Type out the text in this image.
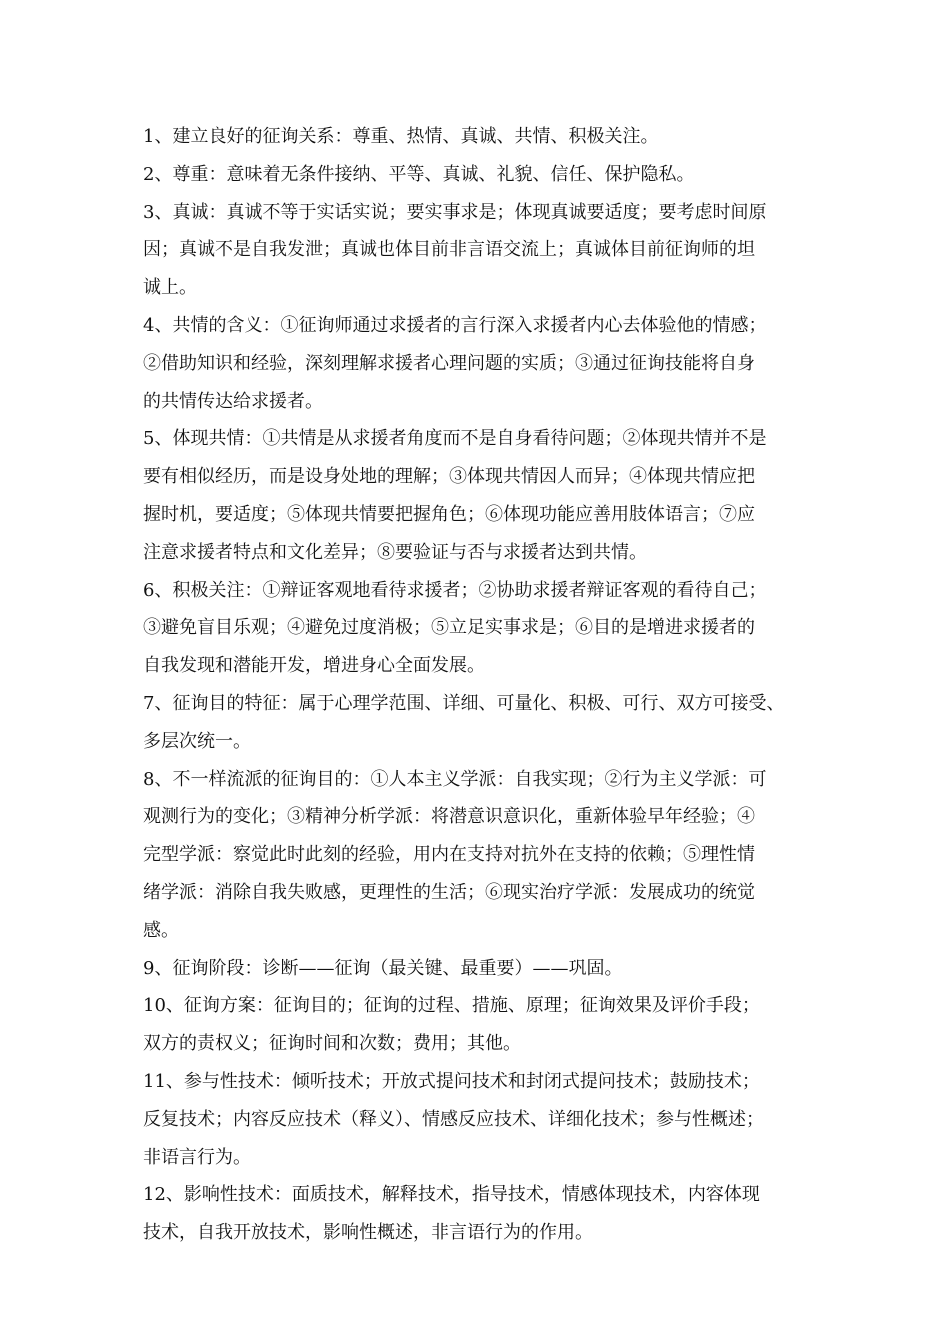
1、建立良好的征询关系：尊重、热情、真诚、共情、积极关注。
2、尊重：意味着无条件接纳、平等、真诚、礼貌、信任、保护隐私。
3、真诚：真诚不等于实话实说；要实事求是；体现真诚要适度；要考虑时间原
因；真诚不是自我发泄；真诚也体目前非言语交流上；真诚体目前征询师的坦
诚上。
4、共情的含义：①征询师通过求援者的言行深入求援者内心去体验他的情感；
②借助知识和经验，深刻理解求援者心理问题的实质；③通过征询技能将自身
的共情传达给求援者。
5、体现共情：①共情是从求援者角度而不是自身看待问题；②体现共情并不是
要有相似经历，而是设身处地的理解；③体现共情因人而异；④体现共情应把
握时机，要适度；⑤体现共情要把握角色；⑥体现功能应善用肢体语言；⑦应
注意求援者特点和文化差异；⑧要验证与否与求援者达到共情。
6、积极关注：①辩证客观地看待求援者；②协助求援者辩证客观的看待自己；
③避免盲目乐观；④避免过度消极；⑤立足实事求是；⑥目的是增进求援者的
自我发现和潜能开发，增进身心全面发展。
7、征询目的特征：属于心理学范围、详细、可量化、积极、可行、双方可接受、
多层次统一。
8、不一样流派的征询目的：①人本主义学派：自我实现；②行为主义学派：可
观测行为的变化；③精神分析学派：将潜意识意识化，重新体验早年经验；④
完型学派：察觉此时此刻的经验，用内在支持对抗外在支持的依赖；⑤理性情
绪学派：消除自我失败感，更理性的生活；⑥现实治疗学派：发展成功的统觉
感。
9、征询阶段：诊断——征询（最关键、最重要）——巩固。
10、征询方案：征询目的；征询的过程、措施、原理；征询效果及评价手段；
双方的责权义；征询时间和次数；费用；其他。
11、参与性技术：倾听技术；开放式提问技术和封闭式提问技术；鼓励技术；
反复技术；内容反应技术（释义）、情感反应技术、详细化技术；参与性概述；
非语言行为。
12、影响性技术：面质技术，解释技术，指导技术，情感体现技术，内容体现
技术，自我开放技术，影响性概述，非言语行为的作用。
